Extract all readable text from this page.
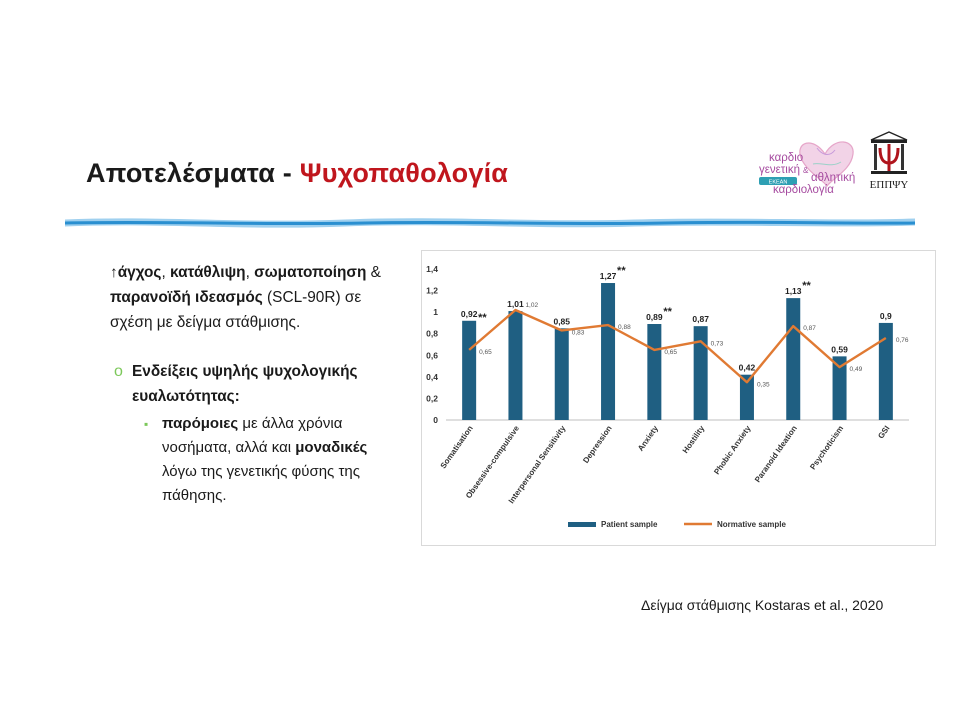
Αποτελέσματα - Ψυχοπαθολογία	καρδιο
γενετική &
αθλητική
ΕΚΕΑΝ
καρδιολογία	ΕΠΠΨΥ

↑άγχος, κατάθλιψη, σωματοποίηση & παρανοϊδή ιδεασμός (SCL-90R) σε σχέση με δείγμα στάθμισης.

o Ενδείξεις υψηλής ψυχολογικής ευαλωτότητας:
▪ παρόμοιες με άλλα χρόνια νοσήματα, αλλά και μοναδικές λόγω της γενετικής φύσης της πάθησης.
0
0,2
0,4
0,6
0,8
1
1,2
1,4
0,92 **
1,01
0,85
1,27 **
0,89 **
0,87
0,42
1,13 **
0,59
0,9
0,65
1,02
0,83
0,88
0,65
0,73
0,35
0,87
0,49
0,76
Somatisation
Obsessive-compulsive
Interpersonal Sensitivity Depression	Anxiety	Hostility Phobic Anxiety Paranoid Ideation Psychoticism	GSI
Patient sample	Normative sample
Δείγμα στάθμισης Kostaras et al., 2020
